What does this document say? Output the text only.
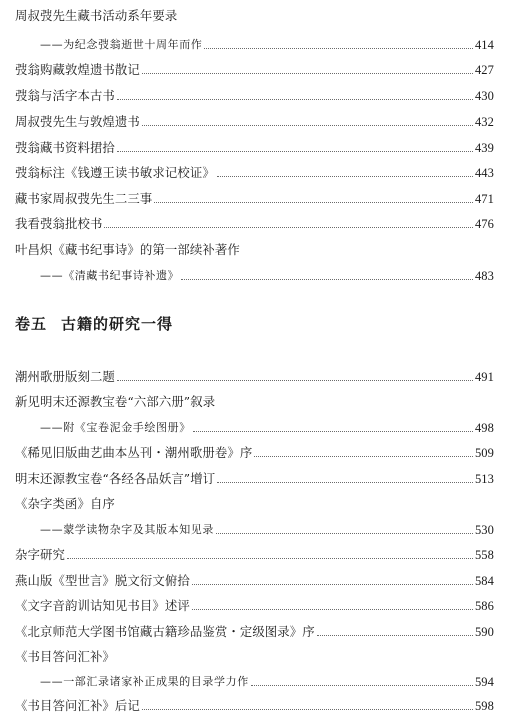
周叔弢先生藏书活动系年要录
——为纪念弢翁逝世十周年而作	414
弢翁购藏敦煌遗书散记	427
弢翁与活字本古书	430
周叔弢先生与敦煌遗书	432
弢翁藏书资料捃拾	439
弢翁标注《钱遵王读书敏求记校证》	443
藏书家周叔弢先生二三事	471
我看弢翁批校书	476
叶昌炽《藏书纪事诗》的第一部续补著作
——《清藏书纪事诗补遗》	483
卷五 古籍的研究一得
潮州歌册版刻二题	491
新见明末还源教宝卷“六部六册”叙录
——附《宝卷泥金手绘图册》	498
《稀见旧版曲艺曲本丛刊・潮州歌册卷》序	509
明末还源教宝卷“各经各品妖言”增订	513
《杂字类函》自序
——蒙学读物杂字及其版本知见录	530
杂字研究	558
燕山版《型世言》脱文衍文俯拾	584
《文字音韵训诂知见书目》述评	586
《北京师范大学图书馆藏古籍珍品鉴赏・定级图录》序	590
《书目答问汇补》
——一部汇录诸家补正成果的目录学力作	594
《书目答问汇补》后记	598
